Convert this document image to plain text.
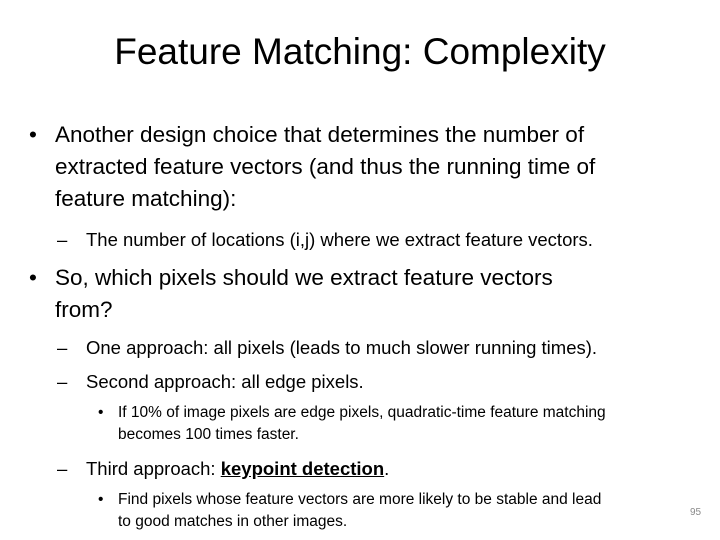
Feature Matching: Complexity
• Another design choice that determines the number of
extracted feature vectors (and thus the running time of
feature matching):
– The number of locations (i,j) where we extract feature vectors.
• So, which pixels should we extract feature vectors
from?
– One approach: all pixels (leads to much slower running times).
– Second approach: all edge pixels.
• If 10% of image pixels are edge pixels, quadratic-time feature matching
becomes 100 times faster.
– Third approach: keypoint detection.
• Find pixels whose feature vectors are more likely to be stable and lead
to good matches in other images.
95
